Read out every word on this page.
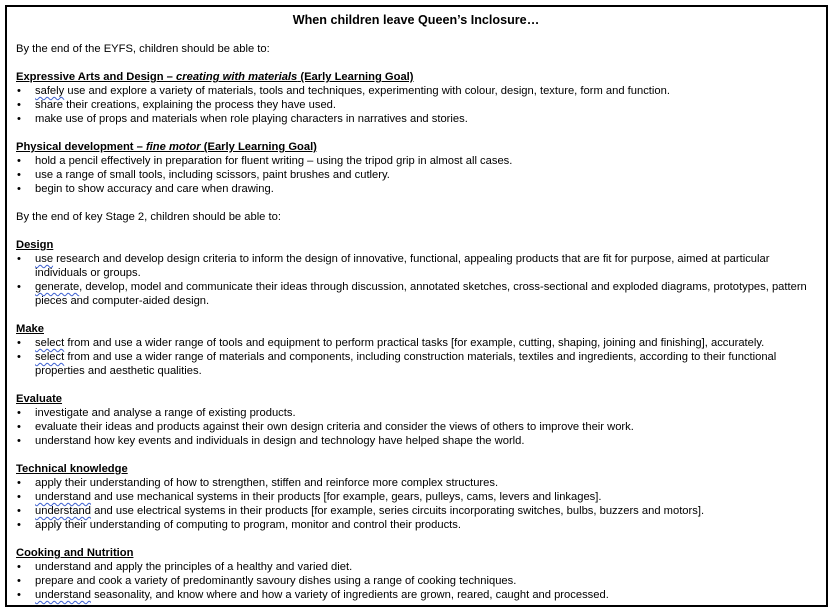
When children leave Queen’s Inclosure…
By the end of the EYFS, children should be able to:
Expressive Arts and Design – creating with materials (Early Learning Goal)
• safely use and explore a variety of materials, tools and techniques, experimenting with colour, design, texture, form and function.
• share their creations, explaining the process they have used.
• make use of props and materials when role playing characters in narratives and stories.
Physical development – fine motor (Early Learning Goal)
• hold a pencil effectively in preparation for fluent writing – using the tripod grip in almost all cases.
• use a range of small tools, including scissors, paint brushes and cutlery.
• begin to show accuracy and care when drawing.
By the end of key Stage 2, children should be able to:
Design
• use research and develop design criteria to inform the design of innovative, functional, appealing products that are fit for purpose, aimed at particular individuals or groups.
• generate, develop, model and communicate their ideas through discussion, annotated sketches, cross-sectional and exploded diagrams, prototypes, pattern pieces and computer-aided design.
Make
• select from and use a wider range of tools and equipment to perform practical tasks [for example, cutting, shaping, joining and finishing], accurately.
• select from and use a wider range of materials and components, including construction materials, textiles and ingredients, according to their functional properties and aesthetic qualities.
Evaluate
• investigate and analyse a range of existing products.
• evaluate their ideas and products against their own design criteria and consider the views of others to improve their work.
• understand how key events and individuals in design and technology have helped shape the world.
Technical knowledge
• apply their understanding of how to strengthen, stiffen and reinforce more complex structures.
• understand and use mechanical systems in their products [for example, gears, pulleys, cams, levers and linkages].
• understand and use electrical systems in their products [for example, series circuits incorporating switches, bulbs, buzzers and motors].
• apply their understanding of computing to program, monitor and control their products.
Cooking and Nutrition
• understand and apply the principles of a healthy and varied diet.
• prepare and cook a variety of predominantly savoury dishes using a range of cooking techniques.
• understand seasonality, and know where and how a variety of ingredients are grown, reared, caught and processed.
